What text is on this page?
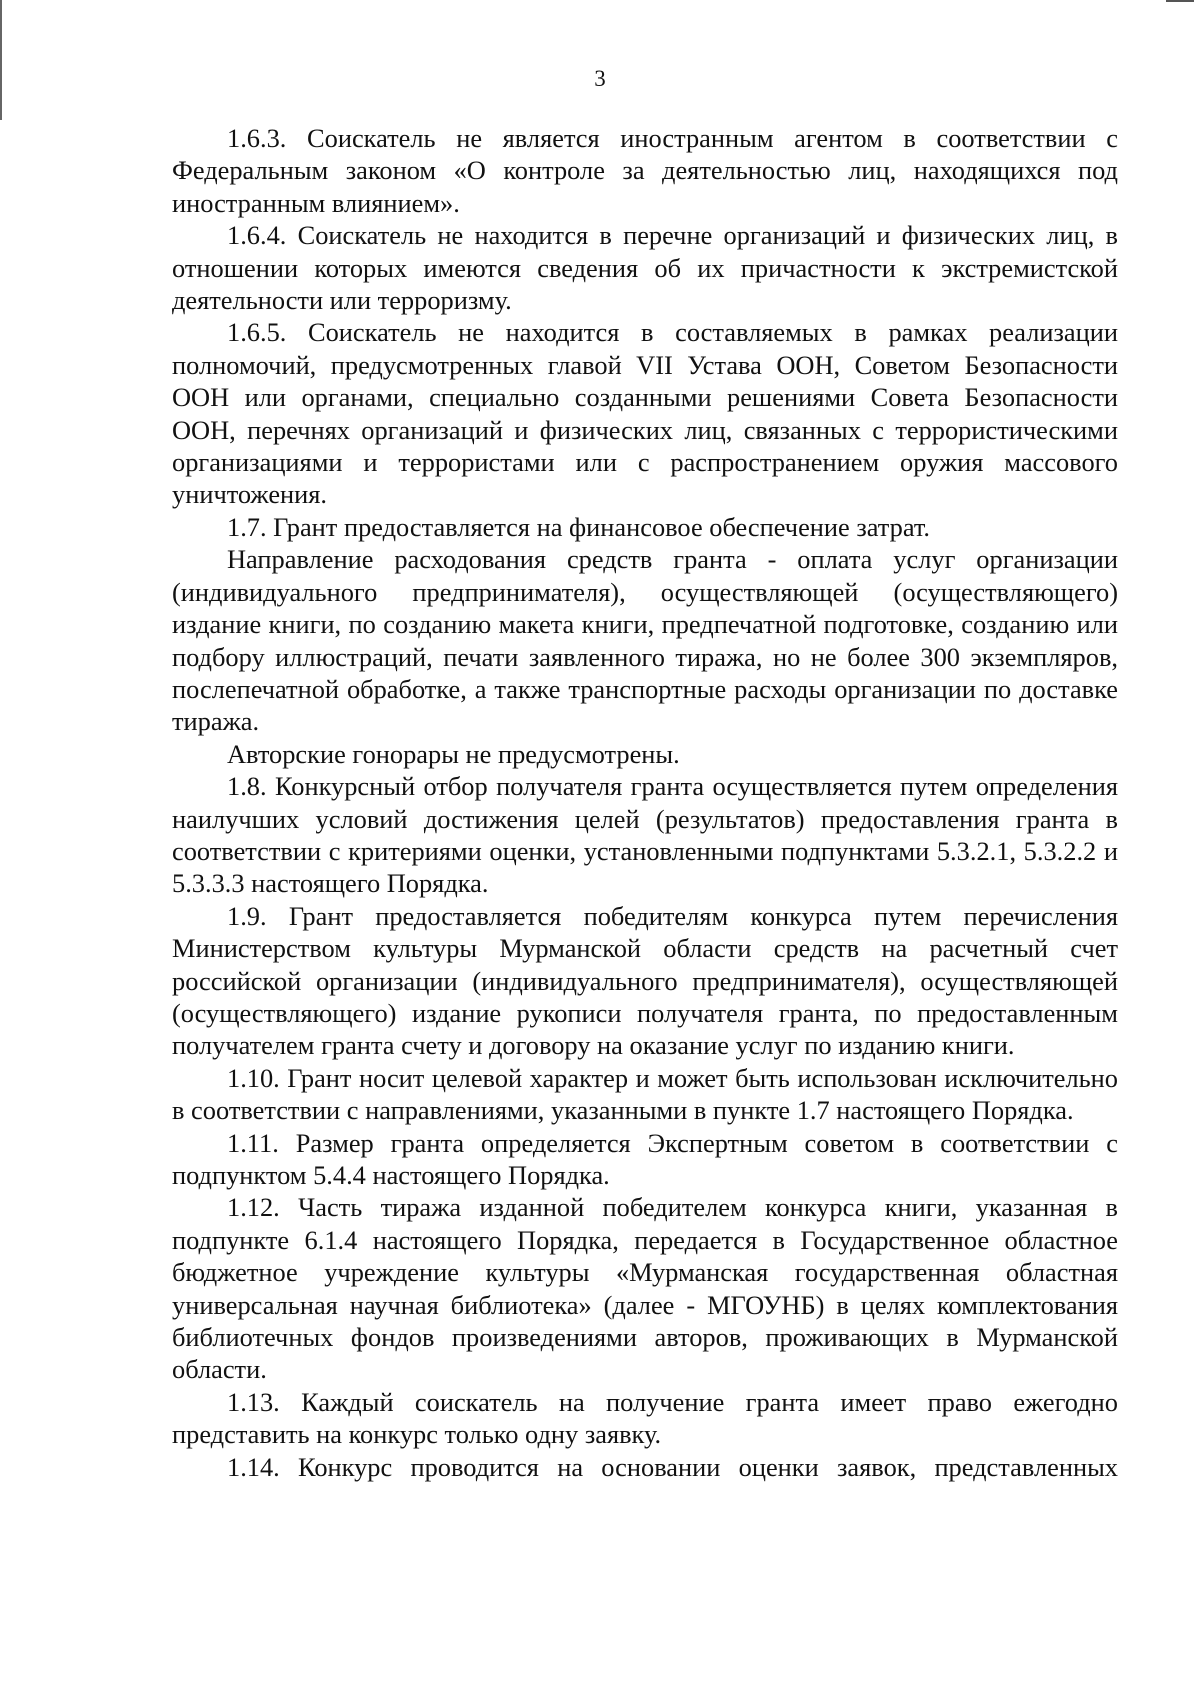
3

1.6.3. Соискатель не является иностранным агентом в соответствии с Федеральным законом «О контроле за деятельностью лиц, находящихся под иностранным влиянием».

1.6.4. Соискатель не находится в перечне организаций и физических лиц, в отношении которых имеются сведения об их причастности к экстремистской деятельности или терроризму.

1.6.5. Соискатель не находится в составляемых в рамках реализации полномочий, предусмотренных главой VII Устава ООН, Советом Безопасности ООН или органами, специально созданными решениями Совета Безопасности ООН, перечнях организаций и физических лиц, связанных с террористическими организациями и террористами или с распространением оружия массового уничтожения.

1.7. Грант предоставляется на финансовое обеспечение затрат.

Направление расходования средств гранта - оплата услуг организации (индивидуального предпринимателя), осуществляющей (осуществляющего) издание книги, по созданию макета книги, предпечатной подготовке, созданию или подбору иллюстраций, печати заявленного тиража, но не более 300 экземпляров, послепечатной обработке, а также транспортные расходы организации по доставке тиража.

Авторские гонорары не предусмотрены.

1.8. Конкурсный отбор получателя гранта осуществляется путем определения наилучших условий достижения целей (результатов) предоставления гранта в соответствии с критериями оценки, установленными подпунктами 5.3.2.1, 5.3.2.2 и 5.3.3.3 настоящего Порядка.

1.9. Грант предоставляется победителям конкурса путем перечисления Министерством культуры Мурманской области средств на расчетный счет российской организации (индивидуального предпринимателя), осуществляющей (осуществляющего) издание рукописи получателя гранта, по предоставленным получателем гранта счету и договору на оказание услуг по изданию книги.

1.10. Грант носит целевой характер и может быть использован исключительно в соответствии с направлениями, указанными в пункте 1.7 настоящего Порядка.

1.11. Размер гранта определяется Экспертным советом в соответствии с подпунктом 5.4.4 настоящего Порядка.

1.12. Часть тиража изданной победителем конкурса книги, указанная в подпункте 6.1.4 настоящего Порядка, передается в Государственное областное бюджетное учреждение культуры «Мурманская государственная областная универсальная научная библиотека» (далее - МГОУНБ) в целях комплектования библиотечных фондов произведениями авторов, проживающих в Мурманской области.

1.13. Каждый соискатель на получение гранта имеет право ежегодно представить на конкурс только одну заявку.

1.14. Конкурс проводится на основании оценки заявок, представленных
